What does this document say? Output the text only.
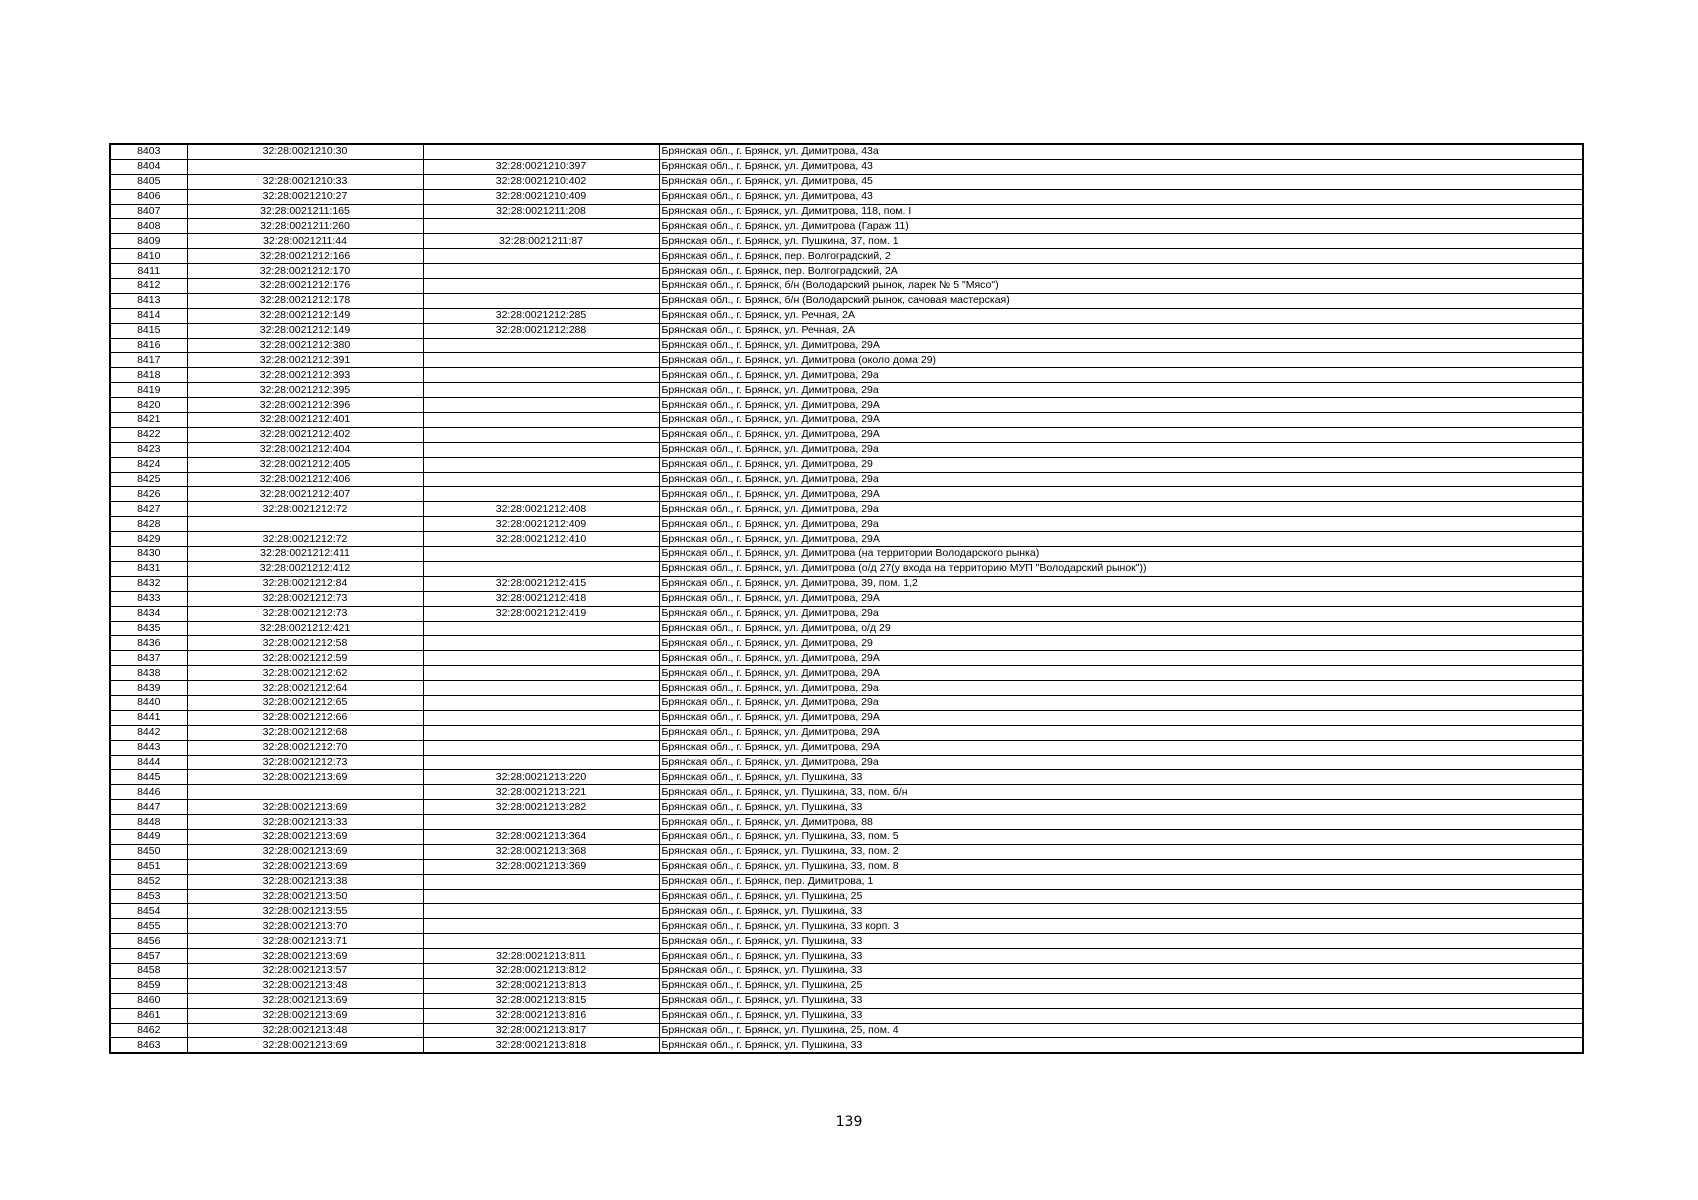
8403	32:28:0021210:30		Брянская обл., г. Брянск, ул. Димитрова, 43а
8404		32:28:0021210:397	Брянская обл., г. Брянск, ул. Димитрова, 43
8405	32:28:0021210:33	32:28:0021210:402	Брянская обл., г. Брянск, ул. Димитрова, 45
8406	32:28:0021210:27	32:28:0021210:409	Брянская обл., г. Брянск, ул. Димитрова, 43
8407	32:28:0021211:165	32:28:0021211:208	Брянская обл., г. Брянск, ул. Димитрова, 118, пом. I
8408	32:28:0021211:260		Брянская обл., г. Брянск, ул. Димитрова (Гараж 11)
8409	32:28:0021211:44	32:28:0021211:87	Брянская обл., г. Брянск, ул. Пушкина, 37, пом. 1
8410	32:28:0021212:166		Брянская обл., г. Брянск, пер. Волгоградский, 2
8411	32:28:0021212:170		Брянская обл., г. Брянск, пер. Волгоградский, 2А
8412	32:28:0021212:176		Брянская обл., г. Брянск, б/н (Володарский рынок, ларек № 5 "Мясо")
8413	32:28:0021212:178		Брянская обл., г. Брянск, б/н (Володарский рынок, сачовая мастерская)
8414	32:28:0021212:149	32:28:0021212:285	Брянская обл., г. Брянск, ул. Речная, 2А
8415	32:28:0021212:149	32:28:0021212:288	Брянская обл., г. Брянск, ул. Речная, 2А
8416	32:28:0021212:380		Брянская обл., г. Брянск, ул. Димитрова, 29А
8417	32:28:0021212:391		Брянская обл., г. Брянск, ул. Димитрова (около дома 29)
8418	32:28:0021212:393		Брянская обл., г. Брянск, ул. Димитрова, 29а
8419	32:28:0021212:395		Брянская обл., г. Брянск, ул. Димитрова, 29а
8420	32:28:0021212:396		Брянская обл., г. Брянск, ул. Димитрова, 29А
8421	32:28:0021212:401		Брянская обл., г. Брянск, ул. Димитрова, 29А
8422	32:28:0021212:402		Брянская обл., г. Брянск, ул. Димитрова, 29А
8423	32:28:0021212:404		Брянская обл., г. Брянск, ул. Димитрова, 29а
8424	32:28:0021212:405		Брянская обл., г. Брянск, ул. Димитрова, 29
8425	32:28:0021212:406		Брянская обл., г. Брянск, ул. Димитрова, 29а
8426	32:28:0021212:407		Брянская обл., г. Брянск, ул. Димитрова, 29А
8427	32:28:0021212:72	32:28:0021212:408	Брянская обл., г. Брянск, ул. Димитрова, 29а
8428		32:28:0021212:409	Брянская обл., г. Брянск, ул. Димитрова, 29а
8429	32:28:0021212:72	32:28:0021212:410	Брянская обл., г. Брянск, ул. Димитрова, 29А
8430	32:28:0021212:411		Брянская обл., г. Брянск, ул. Димитрова (на территории Володарского рынка)
8431	32:28:0021212:412		Брянская обл., г. Брянск, ул. Димитрова (о/д 27(у входа на территорию МУП "Володарский рынок"))
8432	32:28:0021212:84	32:28:0021212:415	Брянская обл., г. Брянск, ул. Димитрова, 39, пом. 1,2
8433	32:28:0021212:73	32:28:0021212:418	Брянская обл., г. Брянск, ул. Димитрова, 29А
8434	32:28:0021212:73	32:28:0021212:419	Брянская обл., г. Брянск, ул. Димитрова, 29а
8435	32:28:0021212:421		Брянская обл., г. Брянск, ул. Димитрова, о/д 29
8436	32:28:0021212:58		Брянская обл., г. Брянск, ул. Димитрова, 29
8437	32:28:0021212:59		Брянская обл., г. Брянск, ул. Димитрова, 29А
8438	32:28:0021212:62		Брянская обл., г. Брянск, ул. Димитрова, 29А
8439	32:28:0021212:64		Брянская обл., г. Брянск, ул. Димитрова, 29а
8440	32:28:0021212:65		Брянская обл., г. Брянск, ул. Димитрова, 29а
8441	32:28:0021212:66		Брянская обл., г. Брянск, ул. Димитрова, 29А
8442	32:28:0021212:68		Брянская обл., г. Брянск, ул. Димитрова, 29А
8443	32:28:0021212:70		Брянская обл., г. Брянск, ул. Димитрова, 29А
8444	32:28:0021212:73		Брянская обл., г. Брянск, ул. Димитрова, 29а
8445	32:28:0021213:69	32:28:0021213:220	Брянская обл., г. Брянск, ул. Пушкина, 33
8446		32:28:0021213:221	Брянская обл., г. Брянск, ул. Пушкина, 33, пом. б/н
8447	32:28:0021213:69	32:28:0021213:282	Брянская обл., г. Брянск, ул. Пушкина, 33
8448	32:28:0021213:33		Брянская обл., г. Брянск, ул. Димитрова, 88
8449	32:28:0021213:69	32:28:0021213:364	Брянская обл., г. Брянск, ул. Пушкина, 33, пом. 5
8450	32:28:0021213:69	32:28:0021213:368	Брянская обл., г. Брянск, ул. Пушкина, 33, пом. 2
8451	32:28:0021213:69	32:28:0021213:369	Брянская обл., г. Брянск, ул. Пушкина, 33, пом. 8
8452	32:28:0021213:38		Брянская обл., г. Брянск, пер. Димитрова, 1
8453	32:28:0021213:50		Брянская обл., г. Брянск, ул. Пушкина, 25
8454	32:28:0021213:55		Брянская обл., г. Брянск, ул. Пушкина, 33
8455	32:28:0021213:70		Брянская обл., г. Брянск, ул. Пушкина, 33 корп. 3
8456	32:28:0021213:71		Брянская обл., г. Брянск, ул. Пушкина, 33
8457	32:28:0021213:69	32:28:0021213:811	Брянская обл., г. Брянск, ул. Пушкина, 33
8458	32:28:0021213:57	32:28:0021213:812	Брянская обл., г. Брянск, ул. Пушкина, 33
8459	32:28:0021213:48	32:28:0021213:813	Брянская обл., г. Брянск, ул. Пушкина, 25
8460	32:28:0021213:69	32:28:0021213:815	Брянская обл., г. Брянск, ул. Пушкина, 33
8461	32:28:0021213:69	32:28:0021213:816	Брянская обл., г. Брянск, ул. Пушкина, 33
8462	32:28:0021213:48	32:28:0021213:817	Брянская обл., г. Брянск, ул. Пушкина, 25, пом. 4
8463	32:28:0021213:69	32:28:0021213:818	Брянская обл., г. Брянск, ул. Пушкина, 33
139
